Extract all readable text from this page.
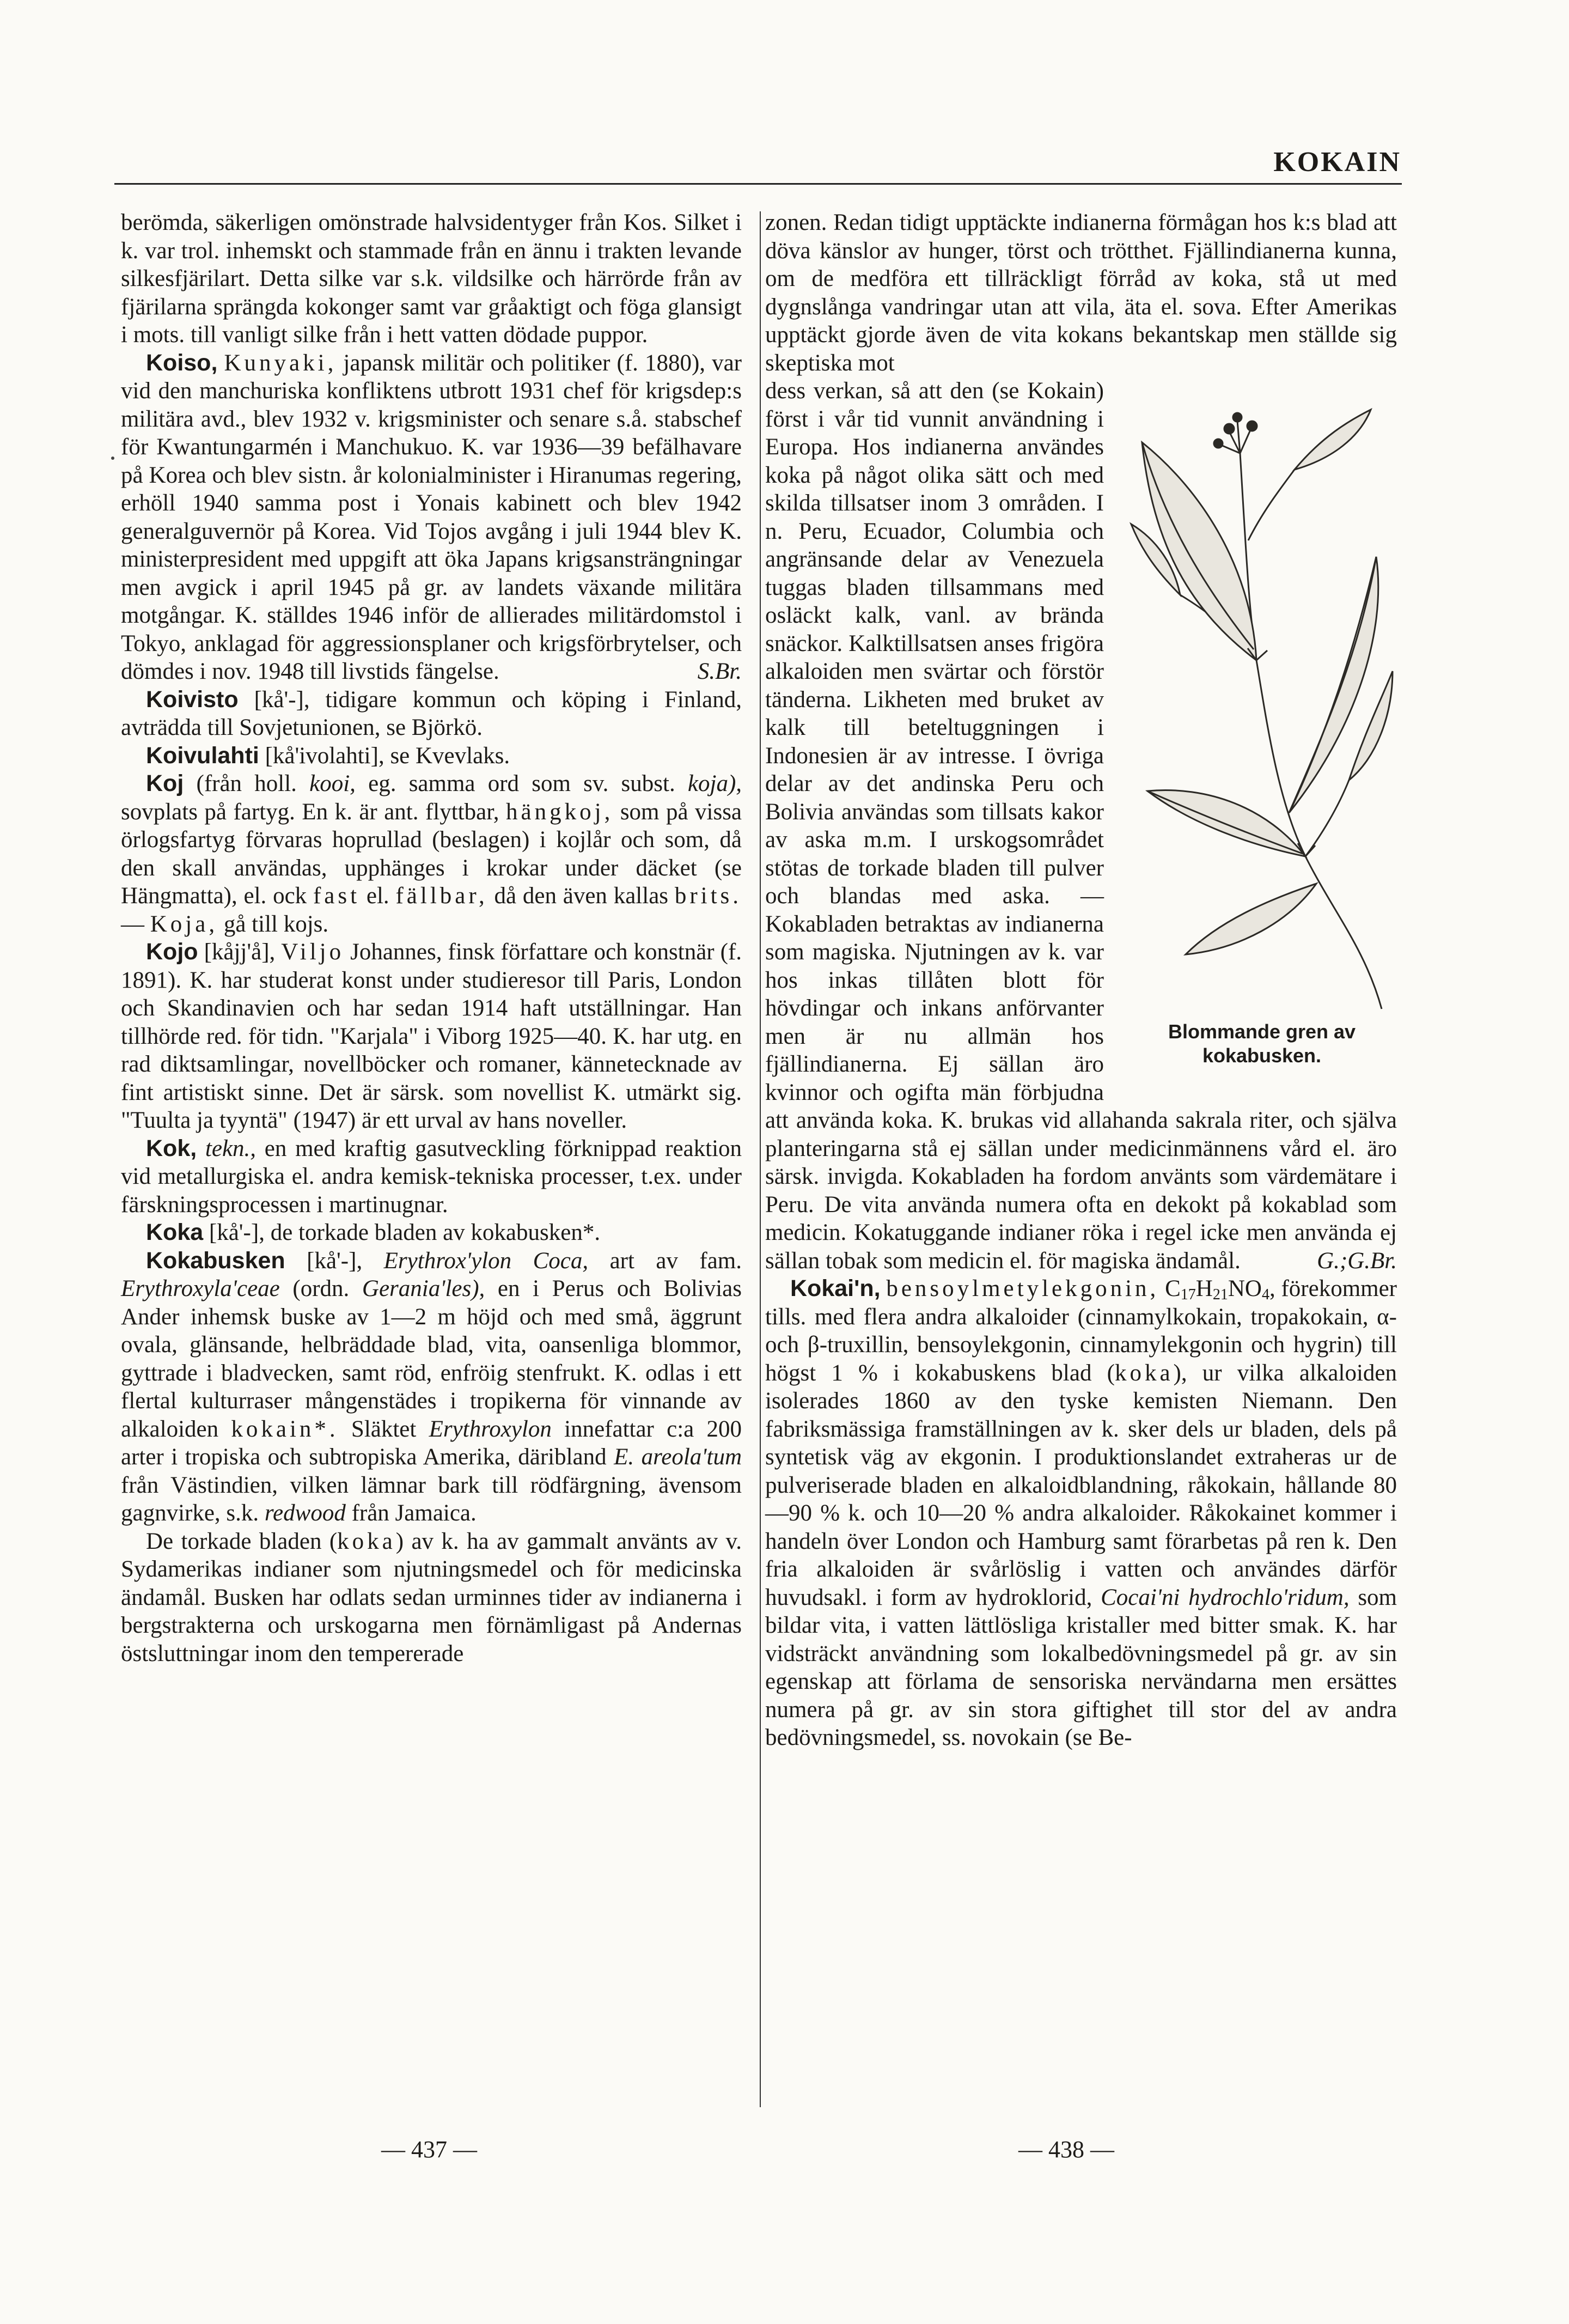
KOKAIN

berömda, säkerligen omönstrade halvsidentyger från Kos. Silket i k. var trol. inhemskt och stammade från en ännu i trakten levande silkesfjärilart. Detta silke var s.k. vildsilke och härrörde från av fjärilarna sprängda kokonger samt var gråaktigt och föga glansigt i mots. till vanligt silke från i hett vatten dödade puppor.

Koiso, Kunyaki, japansk militär och politiker (f. 1880), var vid den manchuriska konfliktens utbrott 1931 chef för krigsdep:s militära avd., blev 1932 v. krigsminister och senare s.å. stabschef för Kwantungarmén i Manchukuo. K. var 1936—39 befälhavare på Korea och blev sistn. år kolonialminister i Hiranumas regering, erhöll 1940 samma post i Yonais kabinett och blev 1942 generalguvernör på Korea. Vid Tojos avgång i juli 1944 blev K. ministerpresident med uppgift att öka Japans krigsansträngningar men avgick i april 1945 på gr. av landets växande militära motgångar. K. ställdes 1946 inför de allierades militärdomstol i Tokyo, anklagad för aggressionsplaner och krigsförbrytelser, och dömdes i nov. 1948 till livstids fängelse.	S.Br.

Koivisto [kå'-], tidigare kommun och köping i Finland, avträdda till Sovjetunionen, se Björkö.

Koivulahti [kå'ivolahti], se Kvevlaks.

Koj (från holl. kooi, eg. samma ord som sv. subst. koja), sovplats på fartyg. En k. är ant. flyttbar, hängkoj, som på vissa örlogsfartyg förvaras hoprullad (beslagen) i kojlår och som, då den skall användas, upphänges i krokar under däcket (se Hängmatta), el. ock fast el. fällbar, då den även kallas brits. — Koja, gå till kojs.

Kojo [kåjj'å], Viljo Johannes, finsk författare och konstnär (f. 1891). K. har studerat konst under studieresor till Paris, London och Skandinavien och har sedan 1914 haft utställningar. Han tillhörde red. för tidn. "Karjala" i Viborg 1925—40. K. har utg. en rad diktsamlingar, novellböcker och romaner, kännetecknade av fint artistiskt sinne. Det är särsk. som novellist K. utmärkt sig. "Tuulta ja tyyntä" (1947) är ett urval av hans noveller.

Kok, tekn., en med kraftig gasutveckling förknippad reaktion vid metallurgiska el. andra kemisk-tekniska processer, t.ex. under färskningsprocessen i martinugnar.

Koka [kå'-], de torkade bladen av kokabusken*.

Kokabusken [kå'-], Erythrox'ylon Coca, art av fam. Erythroxyla'ceae (ordn. Gerania'les), en i Perus och Bolivias Ander inhemsk buske av 1—2 m höjd och med små, äggrunt ovala, glänsande, helbräddade blad, vita, oansenliga blommor, gyttrade i bladvecken, samt röd, enfröig stenfrukt. K. odlas i ett flertal kulturraser mångenstädes i tropikerna för vinnande av alkaloiden kokain*. Släktet Erythroxylon innefattar c:a 200 arter i tropiska och subtropiska Amerika, däribland E. areola'tum från Västindien, vilken lämnar bark till rödfärgning, ävensom gagnvirke, s.k. redwood från Jamaica.

De torkade bladen (koka) av k. ha av gammalt använts av v. Sydamerikas indianer som njutningsmedel och för medicinska ändamål. Busken har odlats sedan urminnes tider av indianerna i bergstrakterna och urskogarna men förnämligast på Andernas östsluttningar inom den tempererade

zonen. Redan tidigt upptäckte indianerna förmågan hos k:s blad att döva känslor av hunger, törst och trötthet. Fjällindianerna kunna, om de medföra ett tillräckligt förråd av koka, stå ut med dygnslånga vandringar utan att vila, äta el. sova. Efter Amerikas upptäckt gjorde även de vita kokans bekantskap men ställde sig skeptiska mot

Blommande gren av kokabusken.

dess verkan, så att den (se Kokain) först i vår tid vunnit användning i Europa. Hos indianerna användes koka på något olika sätt och med skilda tillsatser inom 3 områden. I n. Peru, Ecuador, Columbia och angränsande delar av Venezuela tuggas bladen tillsammans med osläckt kalk, vanl. av brända snäckor. Kalktillsatsen anses frigöra alkaloiden men svärtar och förstör tänderna. Likheten med bruket av kalk till beteltuggningen i Indonesien är av intresse. I övriga delar av det andinska Peru och Bolivia användas som tillsats kakor av aska m.m. I urskogsområdet stötas de torkade bladen till pulver och blandas med aska. — Kokabladen betraktas av indianerna som magiska. Njutningen av k. var hos inkas tillåten blott för hövdingar och inkans anförvanter men är nu allmän hos fjällindianerna. Ej sällan äro kvinnor och ogifta män förbjudna att använda koka. K. brukas vid allahanda sakrala riter, och själva planteringarna stå ej sällan under medicinmännens vård el. äro särsk. invigda. Kokabladen ha fordom använts som värdemätare i Peru. De vita använda numera ofta en dekokt på kokablad som medicin. Kokatuggande indianer röka i regel icke men använda ej sällan tobak som medicin el. för magiska ändamål.	G.;G.Br.

Kokai'n, bensoylmetylekgonin, $C_{17}H_{21}NO_4$, förekommer tills. med flera andra alkaloider (cinnamylkokain, tropakokain, α- och β-truxillin, bensoylekgonin, cinnamylekgonin och hygrin) till högst 1 % i kokabuskens blad (koka), ur vilka alkaloiden isolerades 1860 av den tyske kemisten Niemann. Den fabriksmässiga framställningen av k. sker dels ur bladen, dels på syntetisk väg av ekgonin. I produktionslandet extraheras ur de pulveriserade bladen en alkaloidblandning, råkokain, hållande 80—90 % k. och 10—20 % andra alkaloider. Råkokainet kommer i handeln över London och Hamburg samt förarbetas på ren k. Den fria alkaloiden är svårlöslig i vatten och användes därför huvudsakl. i form av hydroklorid, Cocai'ni hydrochlo'ridum, som bildar vita, i vatten lättlösliga kristaller med bitter smak. K. har vidsträckt användning som lokalbedövningsmedel på gr. av sin egenskap att förlama de sensoriska nervändarna men ersättes numera på gr. av sin stora giftighet till stor del av andra bedövningsmedel, ss. novokain (se Be-

— 437 —	— 438 —
